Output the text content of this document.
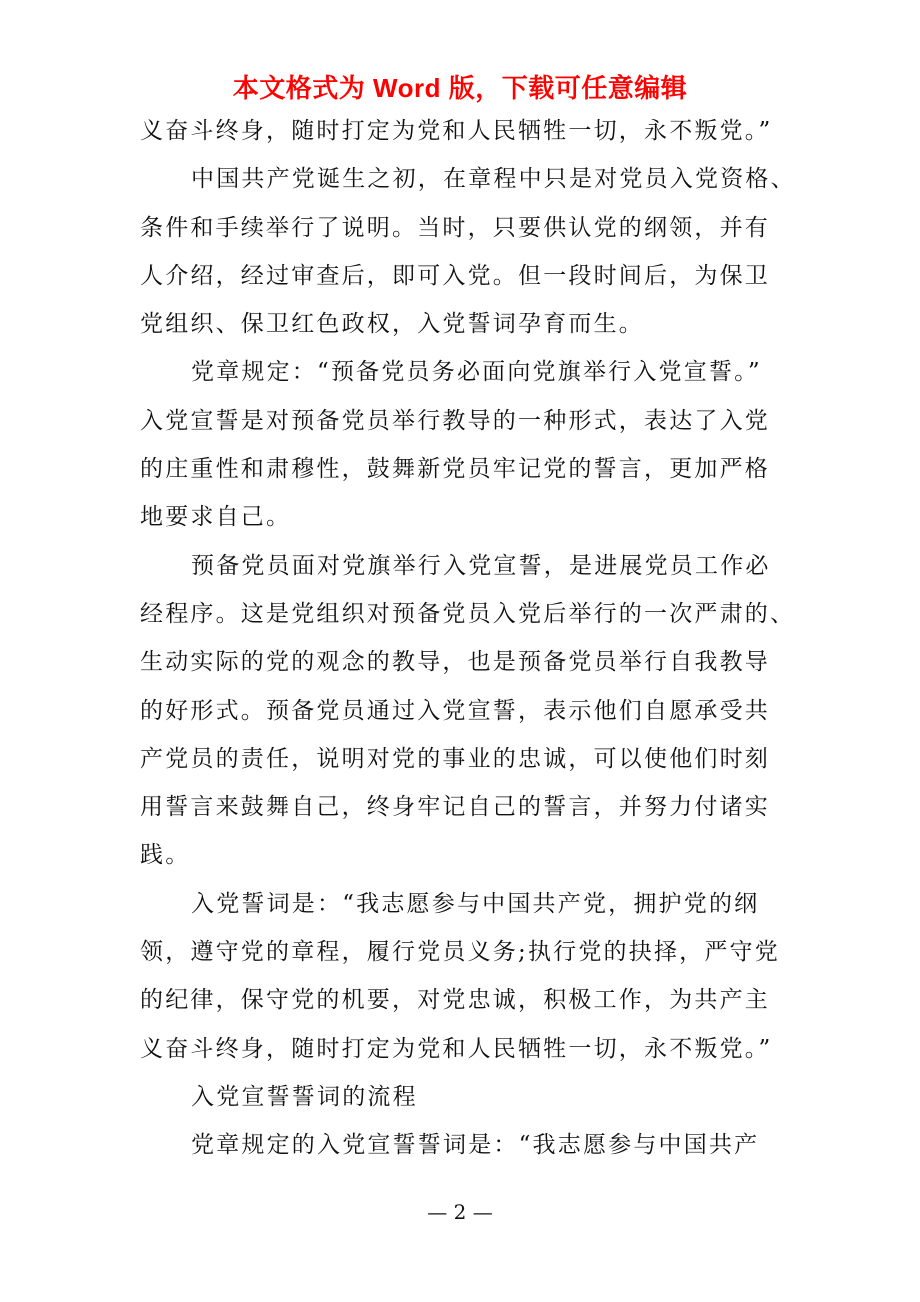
本文格式为 Word 版，下载可任意编辑
义奋斗终身，随时打定为党和人民牺牲一切，永不叛党。”
中国共产党诞生之初，在章程中只是对党员入党资格、
条件和手续举行了说明。当时，只要供认党的纲领，并有
人介绍，经过审查后，即可入党。但一段时间后，为保卫
党组织、保卫红色政权，入党誓词孕育而生。
党章规定：“预备党员务必面向党旗举行入党宣誓。”
入党宣誓是对预备党员举行教导的一种形式，表达了入党
的庄重性和肃穆性，鼓舞新党员牢记党的誓言，更加严格
地要求自己。
预备党员面对党旗举行入党宣誓，是进展党员工作必
经程序。这是党组织对预备党员入党后举行的一次严肃的、
生动实际的党的观念的教导，也是预备党员举行自我教导
的好形式。预备党员通过入党宣誓，表示他们自愿承受共
产党员的责任，说明对党的事业的忠诚，可以使他们时刻
用誓言来鼓舞自己，终身牢记自己的誓言，并努力付诸实
践。
入党誓词是：“我志愿参与中国共产党，拥护党的纲
领，遵守党的章程，履行党员义务;执行党的抉择，严守党
的纪律，保守党的机要，对党忠诚，积极工作，为共产主
义奋斗终身，随时打定为党和人民牺牲一切，永不叛党。”
入党宣誓誓词的流程
党章规定的入党宣誓誓词是：“我志愿参与中国共产
— 2 —
